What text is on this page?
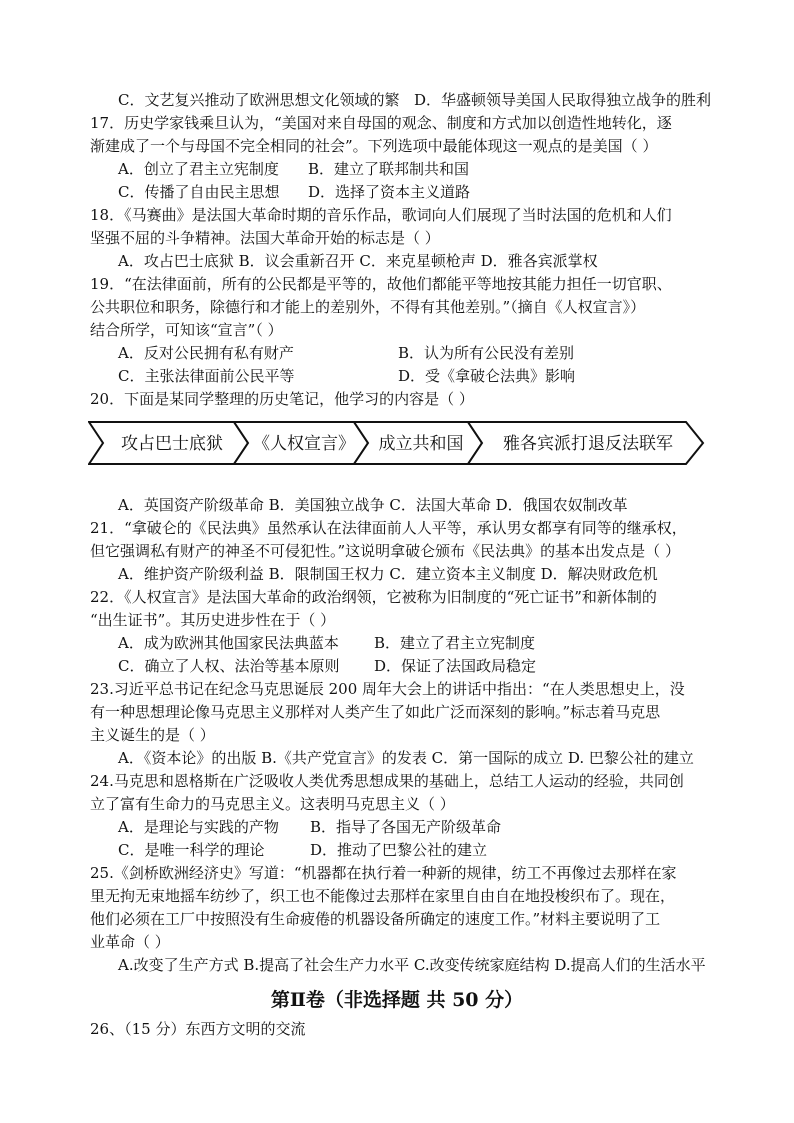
C．文艺复兴推动了欧洲思想文化领域的繁 D．华盛顿领导美国人民取得独立战争的胜利
17．历史学家钱乘旦认为，“美国对来自母国的观念、制度和方式加以创造性地转化，逐
渐建成了一个与母国不完全相同的社会”。下列选项中最能体现这一观点的是美国（ ）
A．创立了君主立宪制度 B．建立了联邦制共和国
C．传播了自由民主思想 D．选择了资本主义道路
18．《马赛曲》是法国大革命时期的音乐作品，歌词向人们展现了当时法国的危机和人们
坚强不屈的斗争精神。法国大革命开始的标志是（ ）
A．攻占巴士底狱 B．议会重新召开 C．来克星顿枪声 D．雅各宾派掌权
19．“在法律面前，所有的公民都是平等的，故他们都能平等地按其能力担任一切官职、
公共职位和职务，除德行和才能上的差别外，不得有其他差别。”（摘自《人权宣言》）
结合所学，可知该“宣言”（ ）
A．反对公民拥有私有财产	B．认为所有公民没有差别
C．主张法律面前公民平等	D．受《拿破仑法典》影响
20．下面是某同学整理的历史笔记，他学习的内容是（ ）
攻占巴士底狱 《人权宣言》 成立共和国 雅各宾派打退反法联军
A．英国资产阶级革命 B．美国独立战争 C．法国大革命 D．俄国农奴制改革
21．“拿破仑的《民法典》虽然承认在法律面前人人平等，承认男女都享有同等的继承权，
但它强调私有财产的神圣不可侵犯性。”这说明拿破仑颁布《民法典》的基本出发点是（ ）
A．维护资产阶级利益 B．限制国王权力 C．建立资本主义制度 D．解决财政危机
22．《人权宣言》是法国大革命的政治纲领，它被称为旧制度的“死亡证书”和新体制的
“出生证书”。其历史进步性在于（ ）
A．成为欧洲其他国家民法典蓝本 B．建立了君主立宪制度
C．确立了人权、法治等基本原则 D．保证了法国政局稳定
23.习近平总书记在纪念马克思诞辰 200 周年大会上的讲话中指出：“在人类思想史上，没
有一种思想理论像马克思主义那样对人类产生了如此广泛而深刻的影响。”标志着马克思
主义诞生的是（ ）
A．《资本论》的出版 B.《共产党宣言》的发表 C．第一国际的成立 D. 巴黎公社的建立
24.马克思和恩格斯在广泛吸收人类优秀思想成果的基础上，总结工人运动的经验，共同创
立了富有生命力的马克思主义。这表明马克思主义（ ）
A．是理论与实践的产物 B．指导了各国无产阶级革命
C．是唯一科学的理论	D．推动了巴黎公社的建立
25.《剑桥欧洲经济史》写道：“机器都在执行着一种新的规律，纺工不再像过去那样在家
里无拘无束地摇车纺纱了，织工也不能像过去那样在家里自由自在地投梭织布了。现在，
他们必须在工厂中按照没有生命疲倦的机器设备所确定的速度工作。”材料主要说明了工
业革命（ ）
A.改变了生产方式 B.提高了社会生产力水平 C.改变传统家庭结构 D.提高人们的生活水平
第Ⅱ卷（非选择题 共 50 分）
26、（15 分）东西方文明的交流
